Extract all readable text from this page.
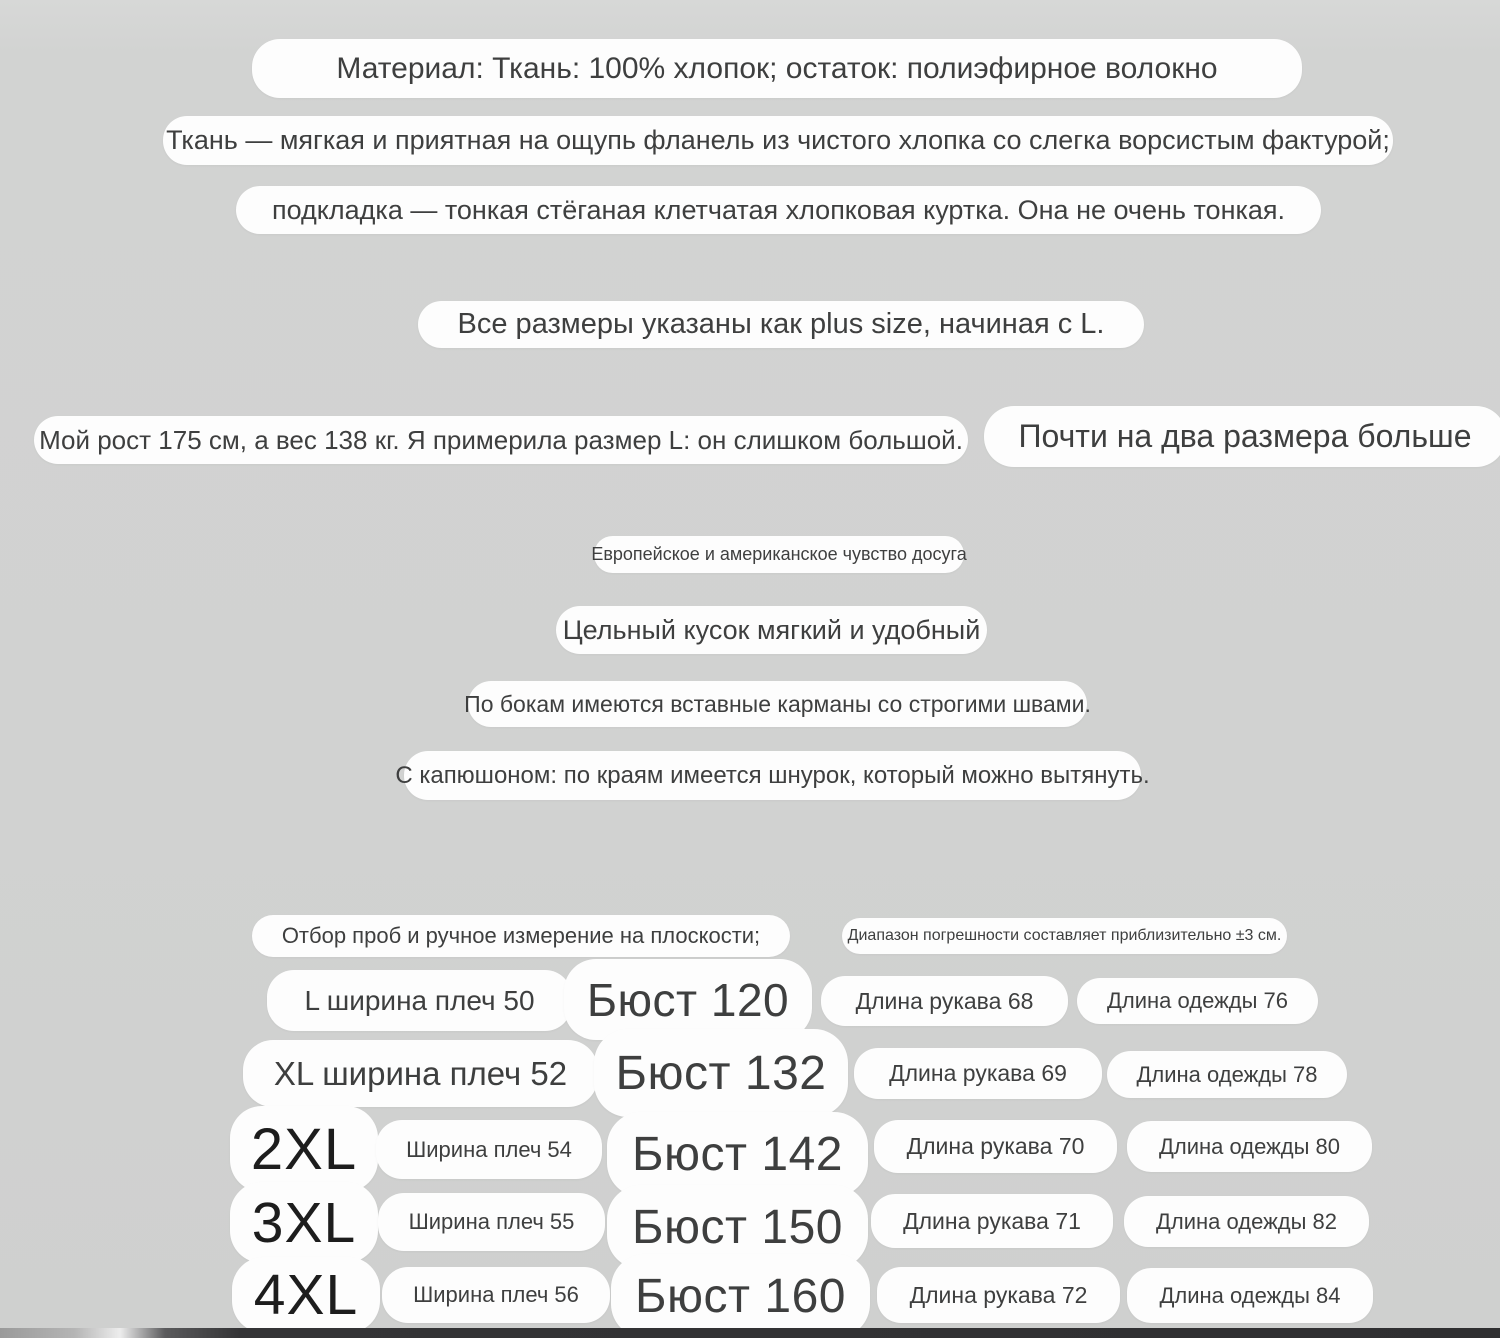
Материал: Ткань: 100% хлопок; остаток: полиэфирное волокно
Ткань — мягкая и приятная на ощупь фланель из чистого хлопка со слегка ворсистым фактурой;
подкладка — тонкая стёганая клетчатая хлопковая куртка. Она не очень тонкая.
Все размеры указаны как plus size, начиная с L.
Мой рост 175 см, а вес 138 кг. Я примерила размер L: он слишком большой.	Почти на два размера больше
Европейское и американское чувство досуга
Цельный кусок мягкий и удобный
По бокам имеются вставные карманы со строгими швами.
С капюшоном: по краям имеется шнурок, который можно вытянуть.
Отбор проб и ручное измерение на плоскости;	Диапазон погрешности составляет приблизительно ±3 см.
L ширина плеч 50	Бюст 120	Длина рукава 68	Длина одежды 76
XL ширина плеч 52	Бюст 132	Длина рукава 69	Длина одежды 78
2XL	Ширина плеч 54	Бюст 142	Длина рукава 70	Длина одежды 80
3XL	Ширина плеч 55	Бюст 150	Длина рукава 71	Длина одежды 82
4XL	Ширина плеч 56	Бюст 160	Длина рукава 72	Длина одежды 84
